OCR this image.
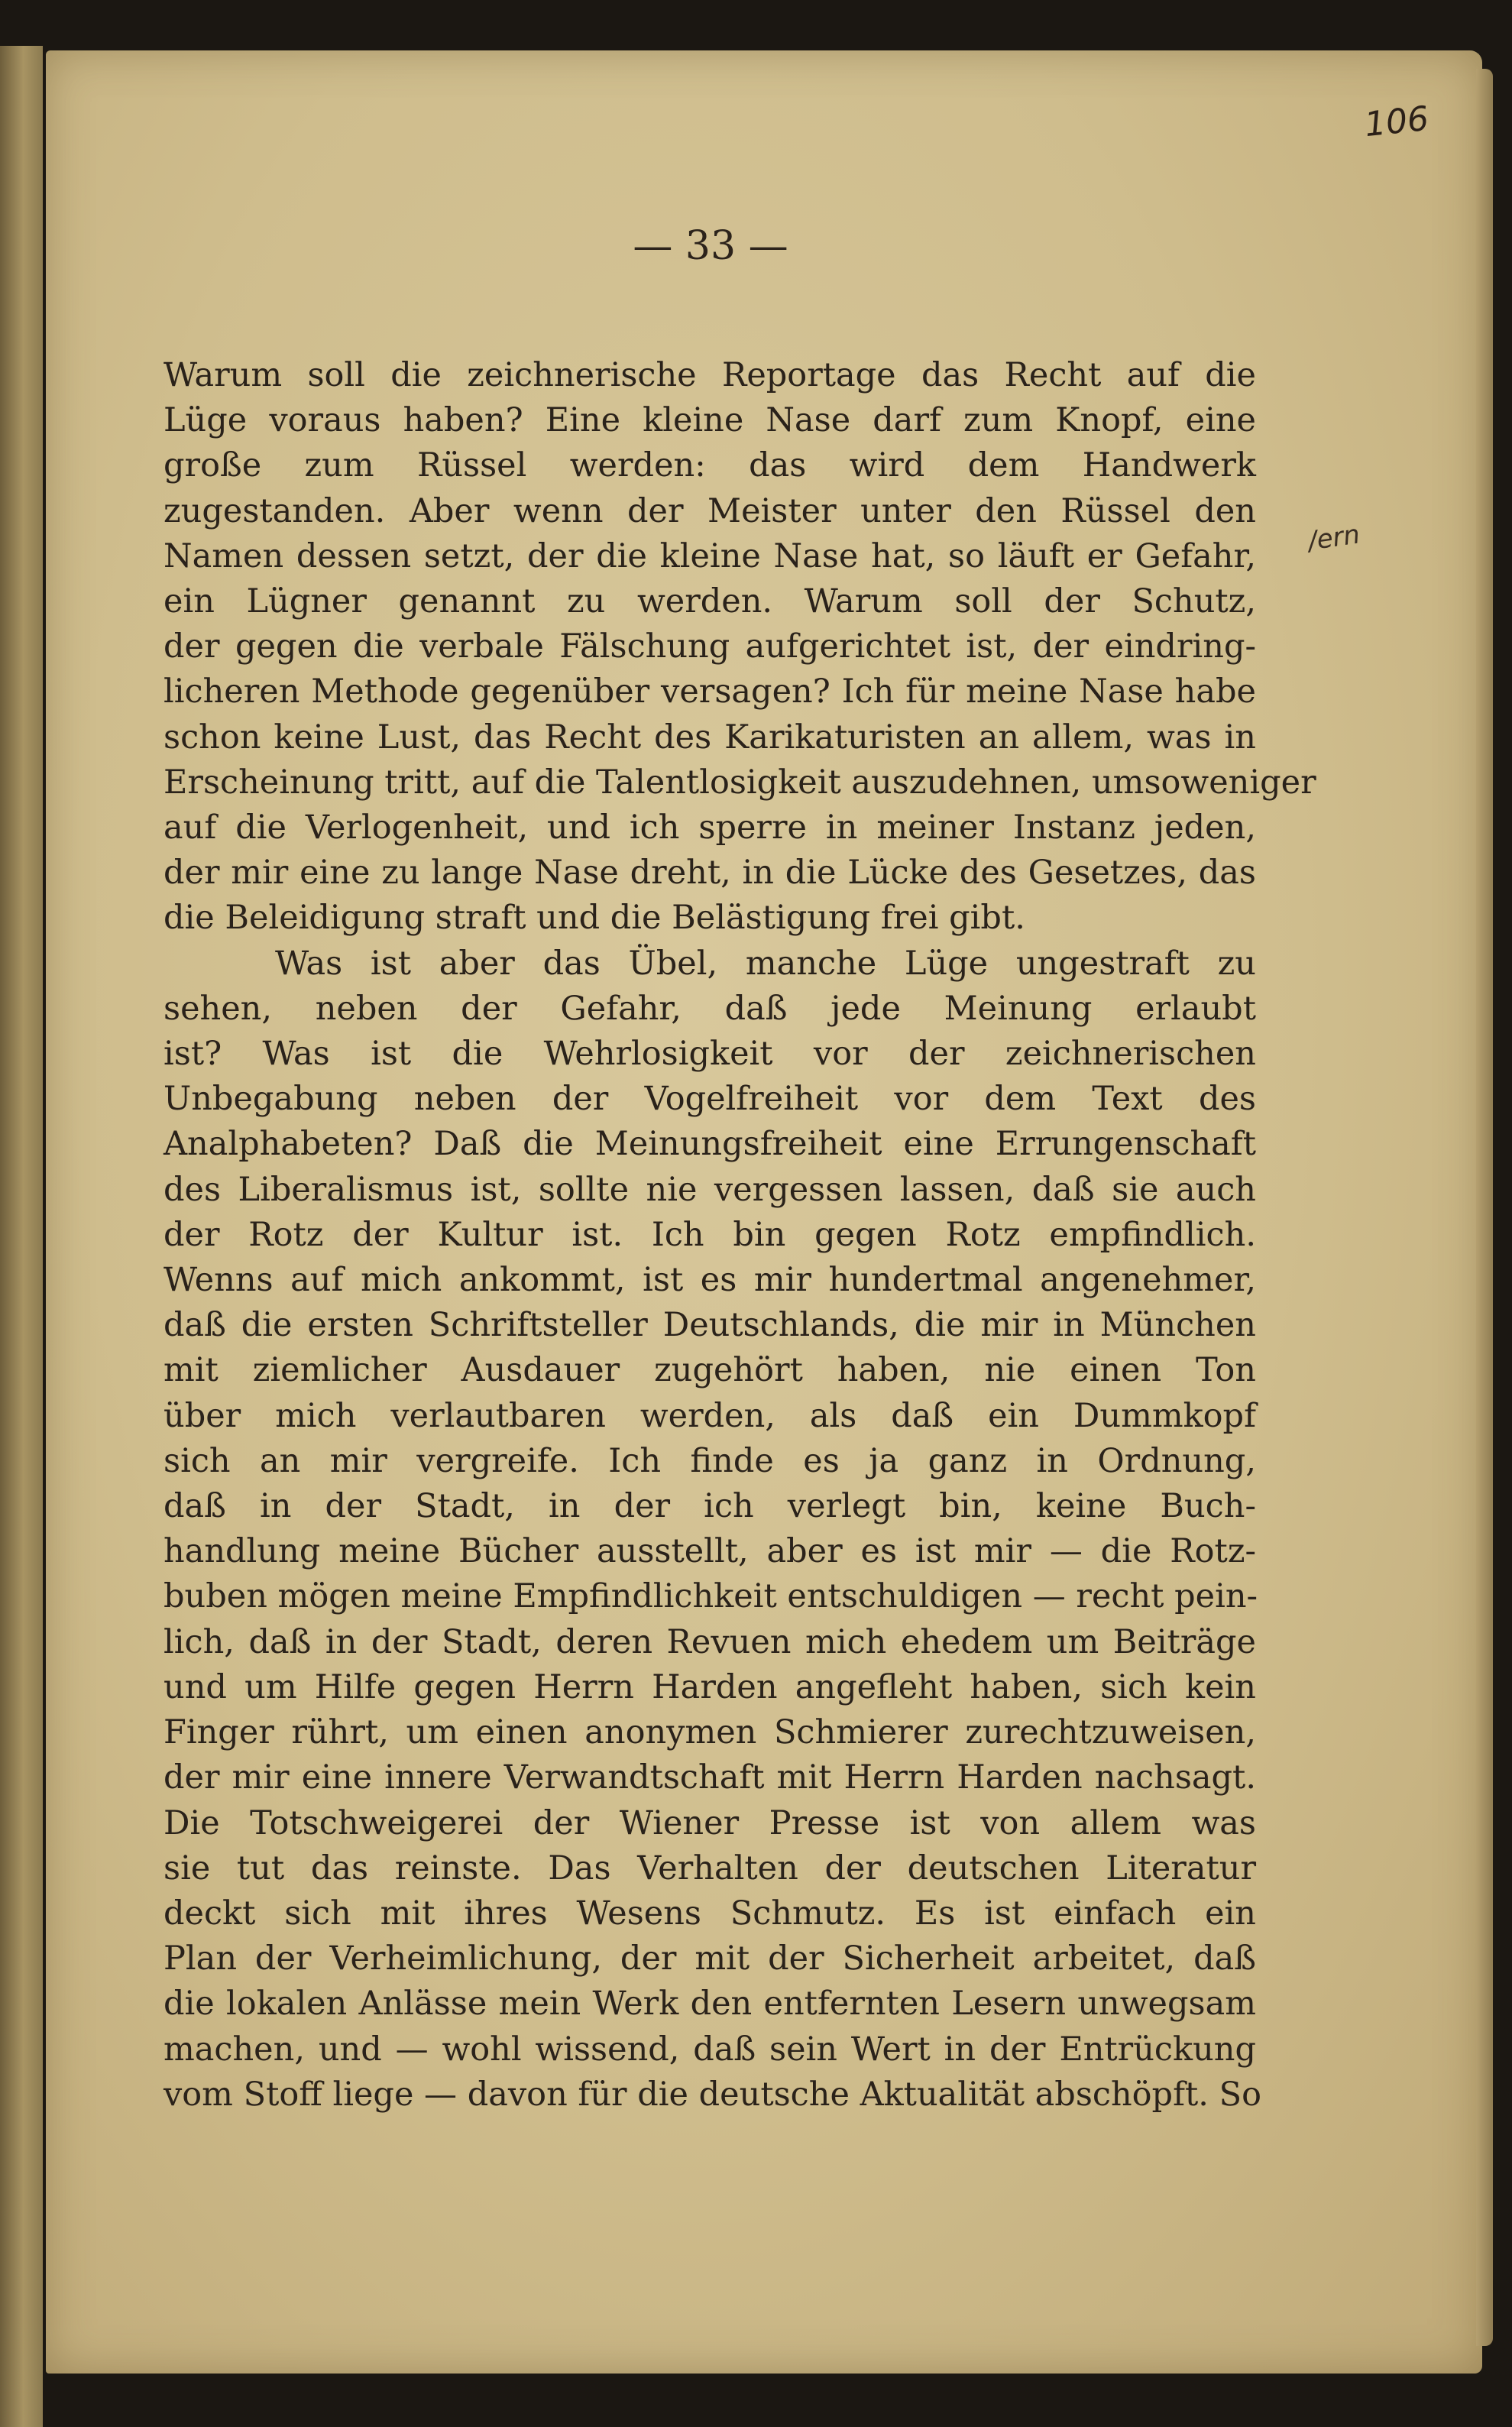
106
— 33 —
/ern
Warum soll die zeichnerische Reportage das Recht auf die
Lüge voraus haben? Eine kleine Nase darf zum Knopf, eine
große zum Rüssel werden: das wird dem Handwerk
zugestanden. Aber wenn der Meister unter den Rüssel den
Namen dessen setzt, der die kleine Nase hat, so läuft er Gefahr,
ein Lügner genannt zu werden. Warum soll der Schutz,
der gegen die verbale Fälschung aufgerichtet ist, der eindring-
licheren Methode gegenüber versagen? Ich für meine Nase habe
schon keine Lust, das Recht des Karikaturisten an allem, was in
Erscheinung tritt, auf die Talentlosigkeit auszudehnen, umsoweniger
auf die Verlogenheit, und ich sperre in meiner Instanz jeden,
der mir eine zu lange Nase dreht, in die Lücke des Gesetzes, das
die Beleidigung straft und die Belästigung frei gibt.
Was ist aber das Übel, manche Lüge ungestraft zu
sehen, neben der Gefahr, daß jede Meinung erlaubt
ist? Was ist die Wehrlosigkeit vor der zeichnerischen
Unbegabung neben der Vogelfreiheit vor dem Text des
Analphabeten? Daß die Meinungsfreiheit eine Errungenschaft
des Liberalismus ist, sollte nie vergessen lassen, daß sie auch
der Rotz der Kultur ist. Ich bin gegen Rotz empfindlich.
Wenns auf mich ankommt, ist es mir hundertmal angenehmer,
daß die ersten Schriftsteller Deutschlands, die mir in München
mit ziemlicher Ausdauer zugehört haben, nie einen Ton
über mich verlautbaren werden, als daß ein Dummkopf
sich an mir vergreife. Ich finde es ja ganz in Ordnung,
daß in der Stadt, in der ich verlegt bin, keine Buch-
handlung meine Bücher ausstellt, aber es ist mir — die Rotz-
buben mögen meine Empfindlichkeit entschuldigen — recht pein-
lich, daß in der Stadt, deren Revuen mich ehedem um Beiträge
und um Hilfe gegen Herrn Harden angefleht haben, sich kein
Finger rührt, um einen anonymen Schmierer zurechtzuweisen,
der mir eine innere Verwandtschaft mit Herrn Harden nachsagt.
Die Totschweigerei der Wiener Presse ist von allem was
sie tut das reinste. Das Verhalten der deutschen Literatur
deckt sich mit ihres Wesens Schmutz. Es ist einfach ein
Plan der Verheimlichung, der mit der Sicherheit arbeitet, daß
die lokalen Anlässe mein Werk den entfernten Lesern unwegsam
machen, und — wohl wissend, daß sein Wert in der Entrückung
vom Stoff liege — davon für die deutsche Aktualität abschöpft. So
